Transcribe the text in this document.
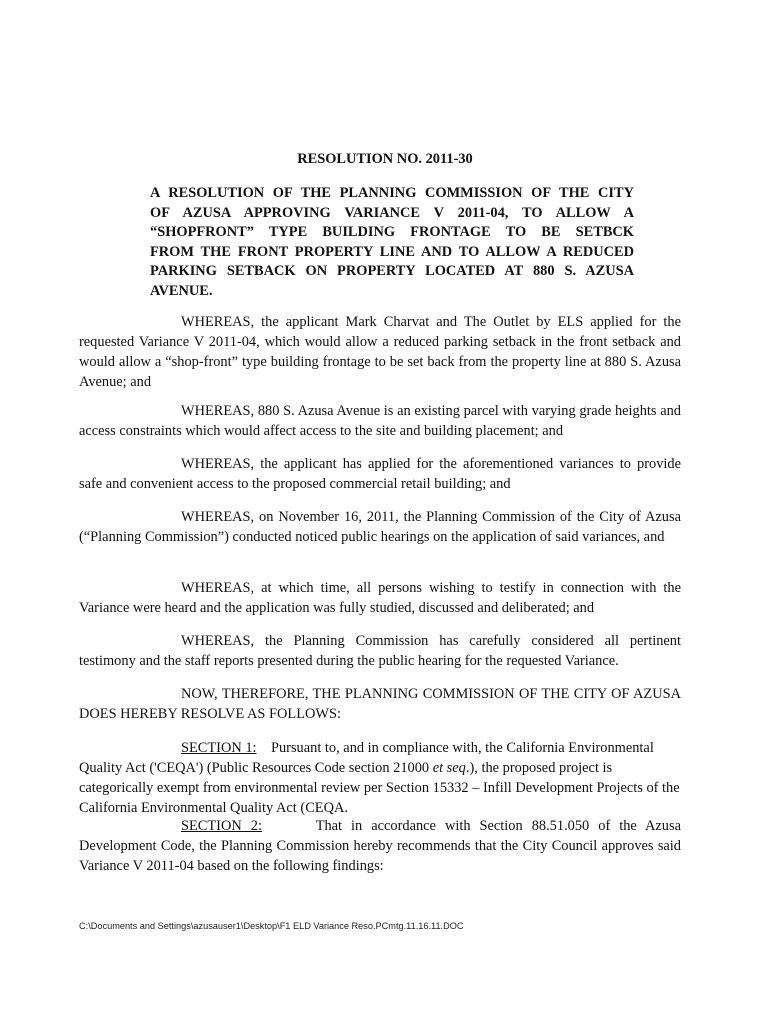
RESOLUTION NO. 2011-30
A RESOLUTION OF THE PLANNING COMMISSION OF THE CITY
OF AZUSA APPROVING VARIANCE V 2011-04, TO ALLOW A
“SHOPFRONT” TYPE BUILDING FRONTAGE TO BE SETBCK
FROM THE FRONT PROPERTY LINE AND TO ALLOW A REDUCED
PARKING SETBACK ON PROPERTY LOCATED AT 880 S. AZUSA
AVENUE.

WHEREAS, the applicant Mark Charvat and The Outlet by ELS applied for the requested Variance V 2011-04, which would allow a reduced parking setback in the front setback and would allow a “shop-front” type building frontage to be set back from the property line at 880 S. Azusa Avenue; and

WHEREAS, 880 S. Azusa Avenue is an existing parcel with varying grade heights and access constraints which would affect access to the site and building placement; and

WHEREAS, the applicant has applied for the aforementioned variances to provide safe and convenient access to the proposed commercial retail building; and

WHEREAS, on November 16, 2011, the Planning Commission of the City of Azusa (“Planning Commission”) conducted noticed public hearings on the application of said variances, and

WHEREAS, at which time, all persons wishing to testify in connection with the Variance were heard and the application was fully studied, discussed and deliberated; and

WHEREAS, the Planning Commission has carefully considered all pertinent testimony and the staff reports presented during the public hearing for the requested Variance.

NOW, THEREFORE, THE PLANNING COMMISSION OF THE CITY OF AZUSA DOES HEREBY RESOLVE AS FOLLOWS:

SECTION 1: Pursuant to, and in compliance with, the California Environmental Quality Act ('CEQA') (Public Resources Code section 21000 et seq.), the proposed project is categorically exempt from environmental review per Section 15332 – Infill Development Projects of the California Environmental Quality Act (CEQA.

SECTION 2:	That in accordance with Section 88.51.050 of the Azusa Development Code, the Planning Commission hereby recommends that the City Council approves said Variance V 2011-04 based on the following findings:

C:\Documents and Settings\azusauser1\Desktop\F1 ELD Variance Reso.PCmtg.11.16.11.DOC
